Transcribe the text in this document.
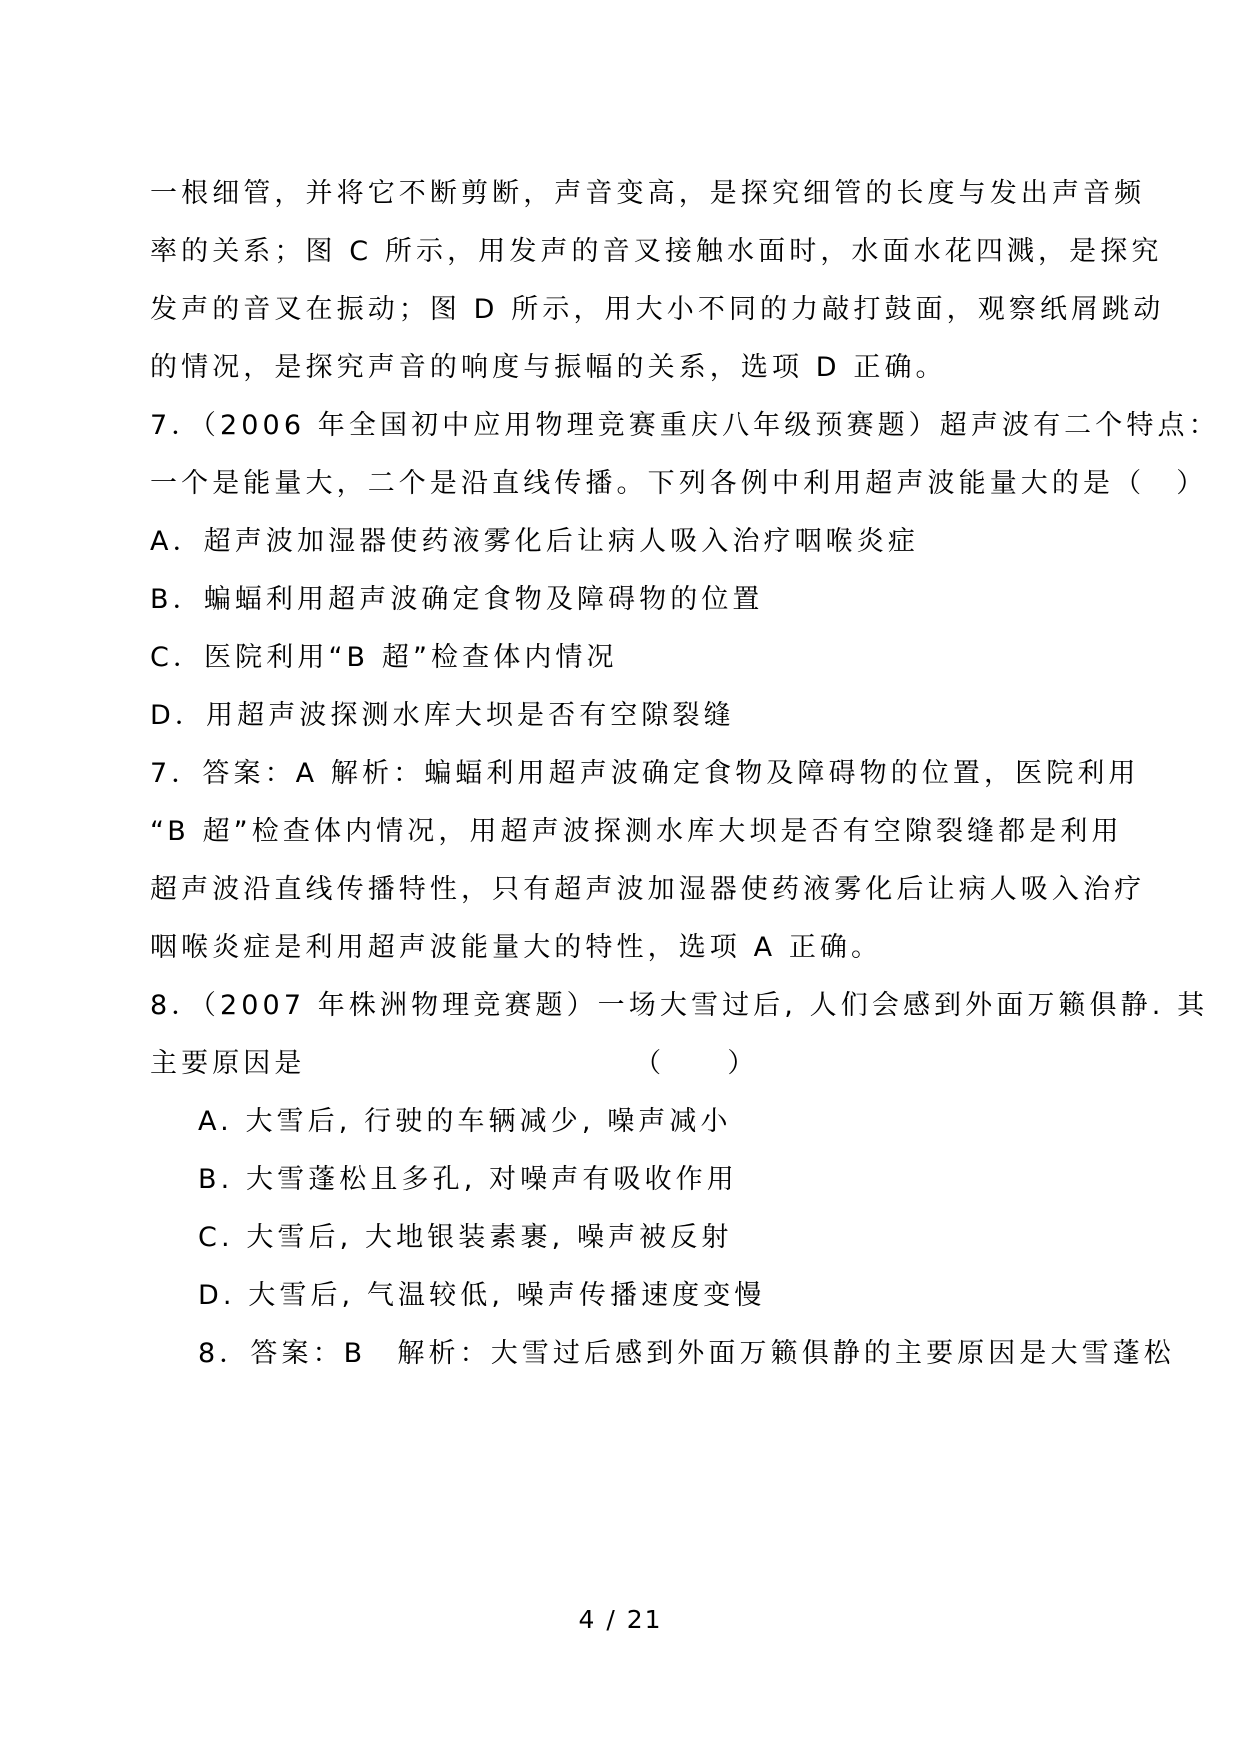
一根细管，并将它不断剪断，声音变高，是探究细管的长度与发出声音频
率的关系；图 C 所示，用发声的音叉接触水面时，水面水花四溅，是探究
发声的音叉在振动；图 D 所示，用大小不同的力敲打鼓面，观察纸屑跳动
的情况，是探究声音的响度与振幅的关系，选项 D 正确。
7．（2006 年全国初中应用物理竞赛重庆八年级预赛题）超声波有二个特点：
一个是能量大，二个是沿直线传播。下列各例中利用超声波能量大的是（　）
A．超声波加湿器使药液雾化后让病人吸入治疗咽喉炎症
B．蝙蝠利用超声波确定食物及障碍物的位置
C．医院利用“B 超”检查体内情况
D．用超声波探测水库大坝是否有空隙裂缝
7．答案：A 解析：蝙蝠利用超声波确定食物及障碍物的位置，医院利用
“B 超”检查体内情况，用超声波探测水库大坝是否有空隙裂缝都是利用
超声波沿直线传播特性，只有超声波加湿器使药液雾化后让病人吸入治疗
咽喉炎症是利用超声波能量大的特性，选项 A 正确。
8．（2007 年株洲物理竞赛题）一场大雪过后, 人们会感到外面万籁俱静. 其
主要原因是　　　　　　　　　　　（　　）
A. 大雪后, 行驶的车辆减少, 噪声减小
B. 大雪蓬松且多孔, 对噪声有吸收作用
C. 大雪后, 大地银装素裹, 噪声被反射
D. 大雪后, 气温较低, 噪声传播速度变慢
8．答案：B　解析：大雪过后感到外面万籁俱静的主要原因是大雪蓬松
4 / 21
